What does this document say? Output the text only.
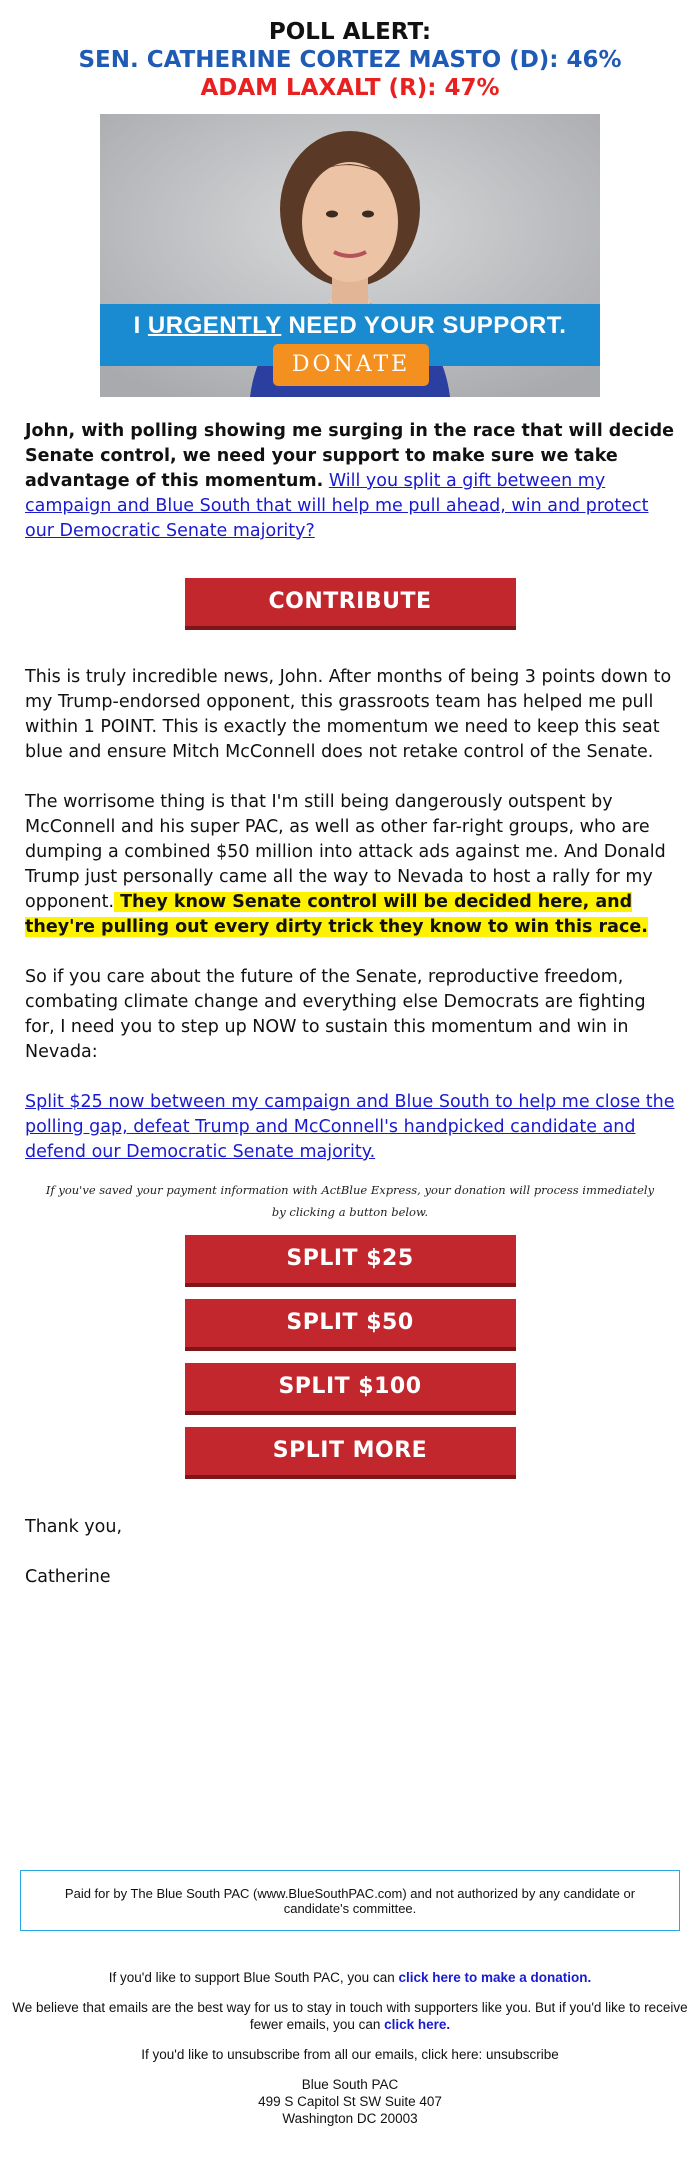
POLL ALERT:
SEN. CATHERINE CORTEZ MASTO (D): 46%
ADAM LAXALT (R): 47%
I URGENTLY NEED YOUR SUPPORT.
DONATE

John, with polling showing me surging in the race that will decide Senate control, we need your support to make sure we take advantage of this momentum. Will you split a gift between my campaign and Blue South that will help me pull ahead, win and protect our Democratic Senate majority?

CONTRIBUTE

This is truly incredible news, John. After months of being 3 points down to my Trump-endorsed opponent, this grassroots team has helped me pull within 1 POINT. This is exactly the momentum we need to keep this seat blue and ensure Mitch McConnell does not retake control of the Senate.

The worrisome thing is that I'm still being dangerously outspent by McConnell and his super PAC, as well as other far-right groups, who are dumping a combined $50 million into attack ads against me. And Donald Trump just personally came all the way to Nevada to host a rally for my opponent. They know Senate control will be decided here, and they're pulling out every dirty trick they know to win this race.

So if you care about the future of the Senate, reproductive freedom, combating climate change and everything else Democrats are fighting for, I need you to step up NOW to sustain this momentum and win in Nevada:

Split $25 now between my campaign and Blue South to help me close the polling gap, defeat Trump and McConnell's handpicked candidate and defend our Democratic Senate majority.

If you've saved your payment information with ActBlue Express, your donation will process immediately by clicking a button below.
SPLIT $25
SPLIT $50
SPLIT $100
SPLIT MORE

Thank you,

Catherine

Paid for by The Blue South PAC (www.BlueSouthPAC.com) and not authorized by any candidate or candidate's committee.
If you'd like to support Blue South PAC, you can click here to make a donation.
We believe that emails are the best way for us to stay in touch with supporters like you. But if you'd like to receive fewer emails, you can click here.
If you'd like to unsubscribe from all our emails, click here: unsubscribe
Blue South PAC
499 S Capitol St SW Suite 407
Washington DC 20003
